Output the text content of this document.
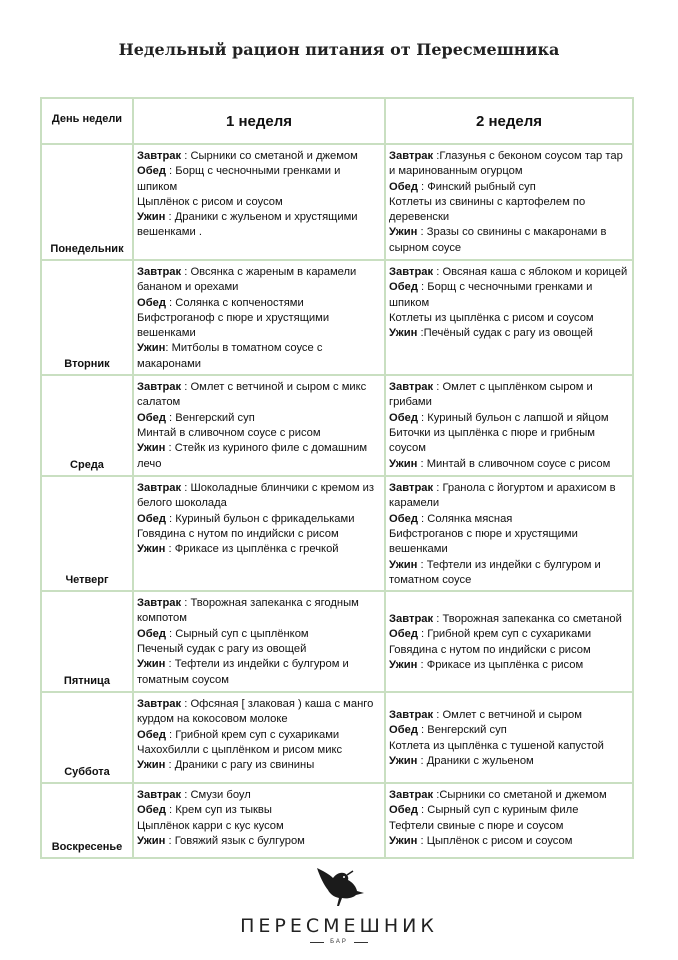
Недельный рацион питания от Пересмешника
День недели	1 неделя	2 неделя
Понедельник	Завтрак : Сырники со сметаной и джемом
Обед : Борщ с чесночными гренками и шпиком
Цыплёнок с рисом и соусом
Ужин : Драники с жульеном и хрустящими вешенками .	Завтрак :Глазунья с беконом соусом тар тар и маринованным огурцом
Обед : Финский рыбный суп
Котлеты из свинины с картофелем по деревенски
Ужин : Зразы со свинины с макаронами в сырном соусе

Вторник	Завтрак : Овсянка с жареным в карамели бананом и орехами
Обед : Солянка с копченостями
Бифстроганоф с пюре и хрустящими вешенками
Ужин: Митболы в томатном соусе с макаронами	Завтрак : Овсяная каша с яблоком и корицей
Обед : Борщ с чесночными гренками и шпиком
Котлеты из цыплёнка с рисом и соусом
Ужин :Печёный судак с рагу из овощей

Среда	Завтрак : Омлет с ветчиной и сыром с микс салатом
Обед : Венгерский суп
Минтай в сливочном соусе с рисом
Ужин : Стейк из куриного филе с домашним лечо	Завтрак : Омлет с цыплёнком сыром и грибами
Обед : Куриный бульон с лапшой и яйцом
Биточки из цыплёнка с пюре и грибным соусом
Ужин : Минтай в сливочном соусе с рисом

Четверг	Завтрак : Шоколадные блинчики с кремом из белого шоколада
Обед : Куриный бульон с фрикадельками
Говядина с нутом по индийски с рисом
Ужин : Фрикасе из цыплёнка с гречкой	Завтрак : Гранола с йогуртом и арахисом в карамели
Обед : Солянка мясная
Бифстроганов с пюре и хрустящими вешенками
Ужин : Тефтели из индейки с булгуром и томатном соусе

Пятница	Завтрак : Творожная запеканка с ягодным компотом
Обед : Сырный суп с цыплёнком
Печеный судак с рагу из овощей
Ужин : Тефтели из индейки с булгуром и томатным соусом	Завтрак : Творожная запеканка со сметаной
Обед : Грибной крем суп с сухариками
Говядина с нутом по индийски с рисом
Ужин : Фрикасе из цыплёнка с рисом

Суббота	Завтрак : Офсяная [ злаковая ) каша с манго курдом на кокосовом молоке
Обед : Грибной крем суп с сухариками
Чахохбилли с цыплёнком и рисом микс
Ужин : Драники с рагу из свинины	Завтрак : Омлет с ветчиной и сыром
Обед : Венгерский суп
Котлета из цыплёнка с тушеной капустой
Ужин : Драники с жульеном

Воскресенье	Завтрак : Смузи боул
Обед : Крем суп из тыквы
Цыплёнок карри с кус кусом
Ужин : Говяжий язык с булгуром	Завтрак :Сырники со сметаной и джемом
Обед : Сырный суп с куриным филе
Тефтели свиные с пюре и соусом
Ужин : Цыплёнок с рисом и соусом
ПЕРЕСМЕШНИК
БАР
